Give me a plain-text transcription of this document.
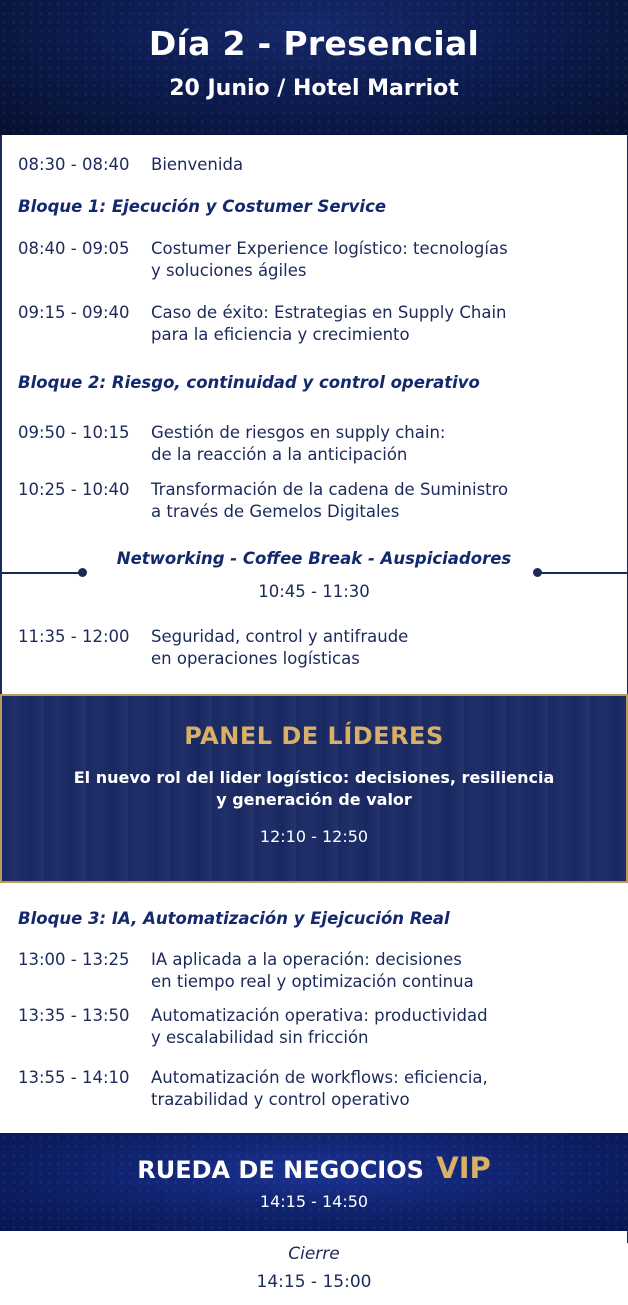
Día 2 - Presencial
20 Junio / Hotel Marriot
08:30 - 08:40 Bienvenida
Bloque 1: Ejecución y Costumer Service
08:40 - 09:05 Costumer Experience logístico: tecnologías
y soluciones ágiles
09:15 - 09:40 Caso de éxito: Estrategias en Supply Chain
para la eficiencia y crecimiento
Bloque 2: Riesgo, continuidad y control operativo
09:50 - 10:15 Gestión de riesgos en supply chain:
de la reacción a la anticipación
10:25 - 10:40 Transformación de la cadena de Suministro
a través de Gemelos Digitales
Networking - Coffee Break - Auspiciadores
10:45 - 11:30
11:35 - 12:00 Seguridad, control y antifraude
en operaciones logísticas
PANEL DE LÍDERES
El nuevo rol del lider logístico: decisiones, resiliencia
y generación de valor
12:10 - 12:50
Bloque 3: IA, Automatización y Ejejcución Real
13:00 - 13:25 IA aplicada a la operación: decisiones
en tiempo real y optimización continua
13:35 - 13:50 Automatización operativa: productividad
y escalabilidad sin fricción
13:55 - 14:10 Automatización de workflows: eficiencia,
trazabilidad y control operativo
RUEDA DE NEGOCIOS VIP
14:15 - 14:50
Cierre
14:15 - 15:00
